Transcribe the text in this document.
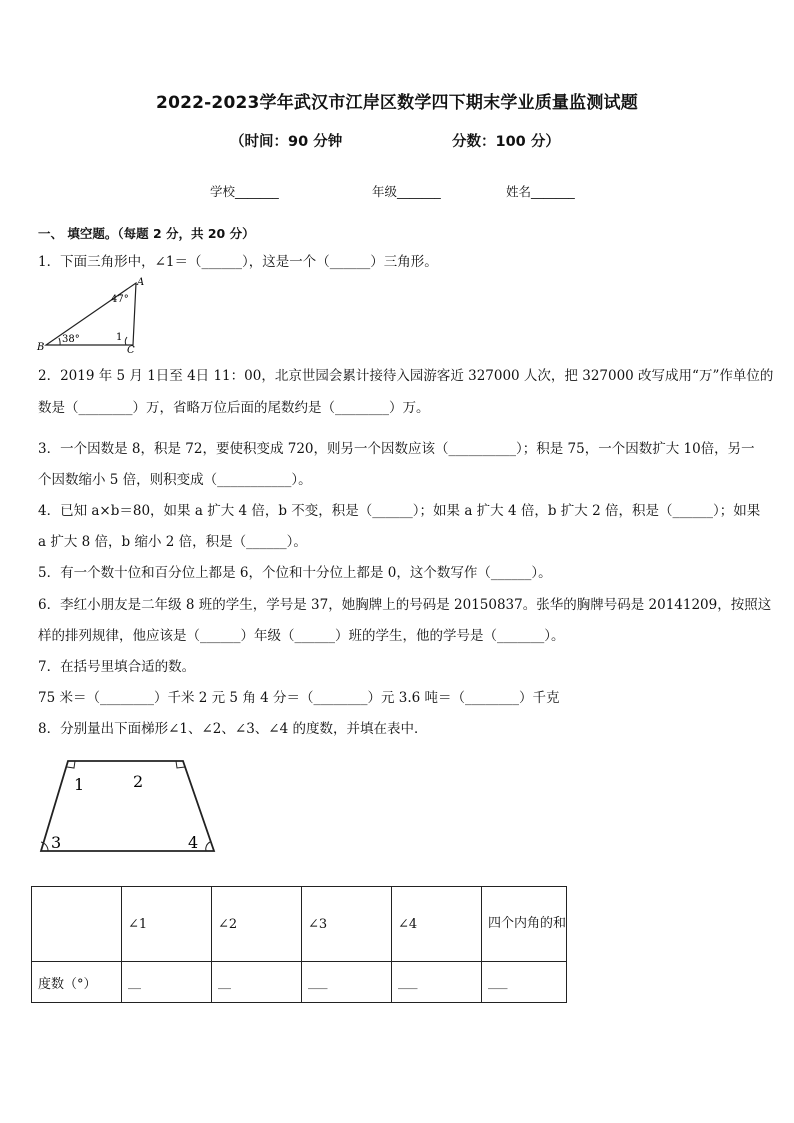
2022-2023学年武汉市江岸区数学四下期末学业质量监测试题
（时间：90 分钟	分数：100 分）
学校_______	年级_______	姓名_______
一、 填空题。（每题 2 分，共 20 分）
1．下面三角形中，∠1＝（______），这是一个（______）三角形。
A
B	C
47°
38°	1
2．2019 年 5 月 1日至 4日 11：00，北京世园会累计接待入园游客近 327000 人次，把 327000 改写成用“万”作单位的
数是（________）万，省略万位后面的尾数约是（________）万。
3．一个因数是 8，积是 72，要使积变成 720，则另一个因数应该（__________）；积是 75，一个因数扩大 10倍，另一
个因数缩小 5 倍，则积变成（___________）。
4．已知 a×b＝80，如果 a 扩大 4 倍，b 不变，积是（______）；如果 a 扩大 4 倍，b 扩大 2 倍，积是（______）；如果
a 扩大 8 倍，b 缩小 2 倍，积是（______）。
5．有一个数十位和百分位上都是 6，个位和十分位上都是 0，这个数写作（______）。
6．李红小朋友是二年级 8 班的学生，学号是 37，她胸牌上的号码是 20150837。张华的胸牌号码是 20141209，按照这
样的排列规律，他应该是（______）年级（______）班的学生，他的学号是（_______）。
7．在括号里填合适的数。
75 米＝（________）千米 2 元 5 角 4 分＝（________）元 3.6 吨＝（________）千克
8．分别量出下面梯形∠1、∠2、∠3、∠4 的度数，并填在表中．
1	2
3	4
	∠1	∠2	∠3	∠4	四个内角的和
度数（°）	__	__	___	___	___
